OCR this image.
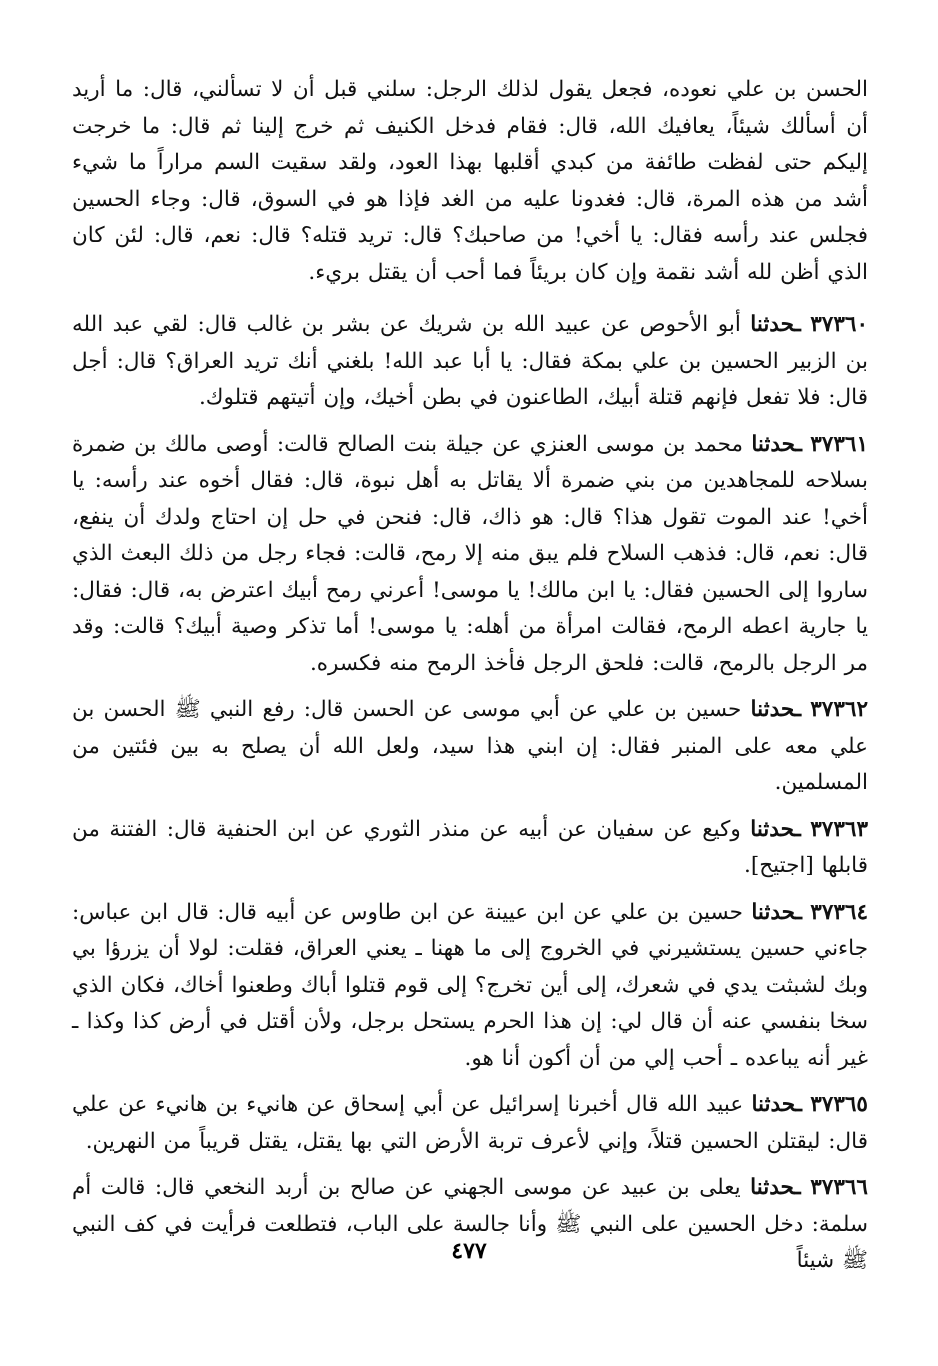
الحسن بن علي نعوده، فجعل يقول لذلك الرجل: سلني قبل أن لا تسألني، قال: ما أريد أن أسألك شيئاً، يعافيك الله، قال: فقام فدخل الكنيف ثم خرج إلينا ثم قال: ما خرجت إليكم حتى لفظت طائفة من كبدي أقلبها بهذا العود، ولقد سقيت السم مراراً ما شيء أشد من هذه المرة، قال: فغدونا عليه من الغد فإذا هو في السوق، قال: وجاء الحسين فجلس عند رأسه فقال: يا أخي! من صاحبك؟ قال: تريد قتله؟ قال: نعم، قال: لئن كان الذي أظن لله أشد نقمة وإن كان بريئاً فما أحب أن يقتل بريء.

٣٧٣٦٠ ـحدثنا أبو الأحوص عن عبيد الله بن شريك عن بشر بن غالب قال: لقي عبد الله بن الزبير الحسين بن علي بمكة فقال: يا أبا عبد الله! بلغني أنك تريد العراق؟ قال: أجل قال: فلا تفعل فإنهم قتلة أبيك، الطاعنون في بطن أخيك، وإن أتيتهم قتلوك.

٣٧٣٦١ ـحدثنا محمد بن موسى العنزي عن جيلة بنت الصالح قالت: أوصى مالك بن ضمرة بسلاحه للمجاهدين من بني ضمرة ألا يقاتل به أهل نبوة، قال: فقال أخوه عند رأسه: يا أخي! عند الموت تقول هذا؟ قال: هو ذاك، قال: فنحن في حل إن احتاج ولدك أن ينفع، قال: نعم، قال: فذهب السلاح فلم يبق منه إلا رمح، قالت: فجاء رجل من ذلك البعث الذي ساروا إلى الحسين فقال: يا ابن مالك! يا موسى! أعرني رمح أبيك اعترض به، قال: فقال: يا جارية اعطه الرمح، فقالت امرأة من أهله: يا موسى! أما تذكر وصية أبيك؟ قالت: وقد مر الرجل بالرمح، قالت: فلحق الرجل فأخذ الرمح منه فكسره.

٣٧٣٦٢ ـحدثنا حسين بن علي عن أبي موسى عن الحسن قال: رفع النبي ﷺ الحسن بن علي معه على المنبر فقال: إن ابني هذا سيد، ولعل الله أن يصلح به بين فئتين من المسلمين.

٣٧٣٦٣ ـحدثنا وكيع عن سفيان عن أبيه عن منذر الثوري عن ابن الحنفية قال: الفتنة من قابلها [اجتيح].

٣٧٣٦٤ ـحدثنا حسين بن علي عن ابن عيينة عن ابن طاوس عن أبيه قال: قال ابن عباس: جاءني حسين يستشيرني في الخروج إلى ما ههنا ـ يعني العراق، فقلت: لولا أن يزرؤا بي وبك لشبثت يدي في شعرك، إلى أين تخرج؟ إلى قوم قتلوا أباك وطعنوا أخاك، فكان الذي سخا بنفسي عنه أن قال لي: إن هذا الحرم يستحل برجل، ولأن أقتل في أرض كذا وكذا ـ غير أنه يباعده ـ أحب إلي من أن أكون أنا هو.

٣٧٣٦٥ ـحدثنا عبيد الله قال أخبرنا إسرائيل عن أبي إسحاق عن هانيء بن هانيء عن علي قال: ليقتلن الحسين قتلاً، وإني لأعرف تربة الأرض التي بها يقتل، يقتل قريباً من النهرين.

٣٧٣٦٦ ـحدثنا يعلى بن عبيد عن موسى الجهني عن صالح بن أربد النخعي قال: قالت أم سلمة: دخل الحسين على النبي ﷺ وأنا جالسة على الباب، فتطلعت فرأيت في كف النبي ﷺ شيئاً

٤٧٧
